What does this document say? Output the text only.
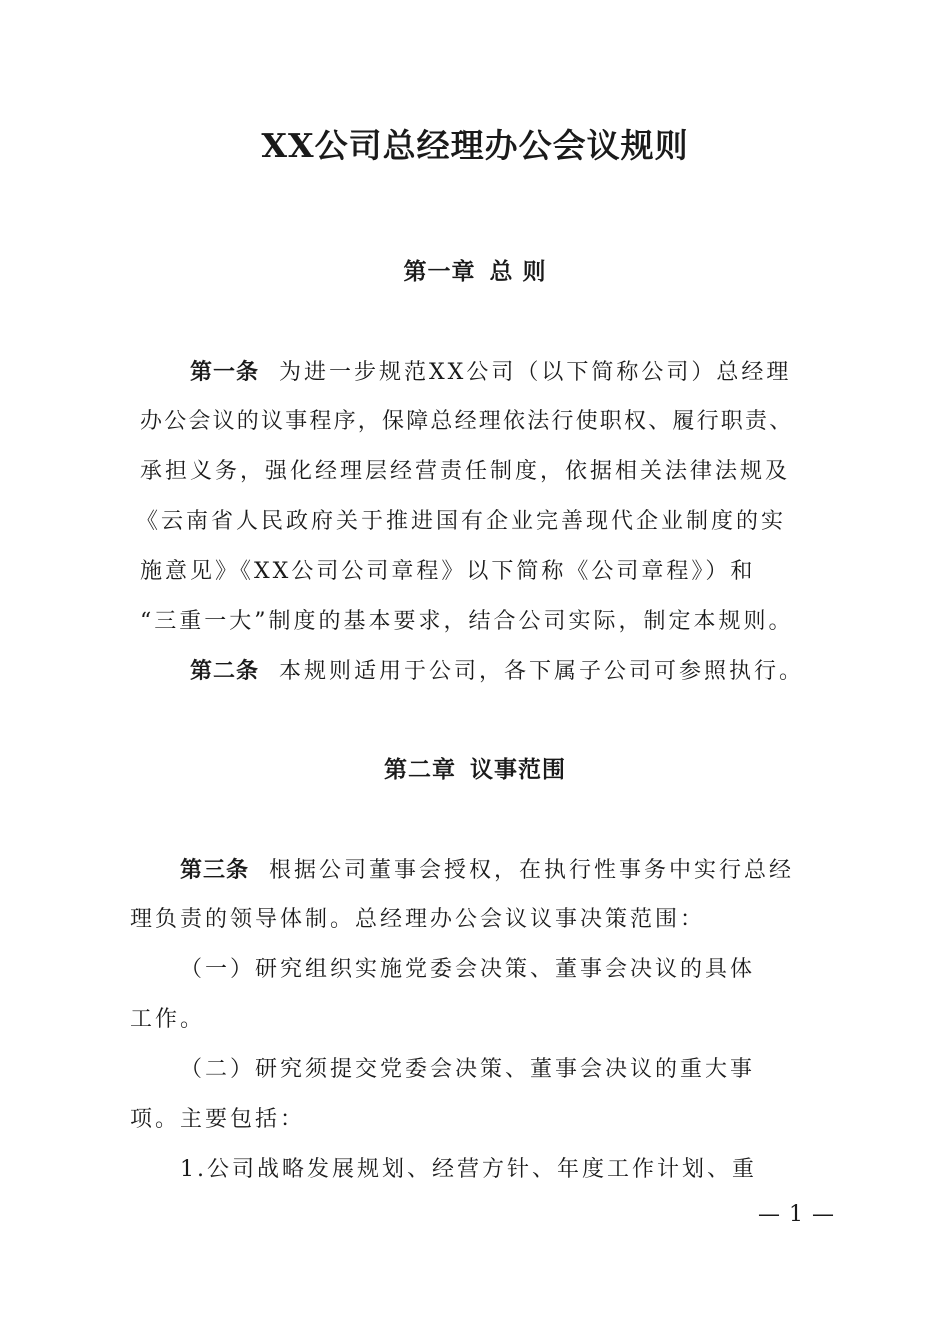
XX公司总经理办公会议规则
第一章 总 则
第一条 为进一步规范XX公司（以下简称公司）总经理
办公会议的议事程序，保障总经理依法行使职权、履行职责、
承担义务，强化经理层经营责任制度，依据相关法律法规及
《云南省人民政府关于推进国有企业完善现代企业制度的实
施意见》《XX公司公司章程》以下简称《公司章程》）和
“三重一大”制度的基本要求，结合公司实际，制定本规则。
第二条 本规则适用于公司，各下属子公司可参照执行。
第二章 议事范围
第三条 根据公司董事会授权，在执行性事务中实行总经
理负责的领导体制。总经理办公会议议事决策范围：
（一）研究组织实施党委会决策、董事会决议的具体
工作。
（二）研究须提交党委会决策、董事会决议的重大事
项。主要包括：
1.公司战略发展规划、经营方针、年度工作计划、重
— 1 —
